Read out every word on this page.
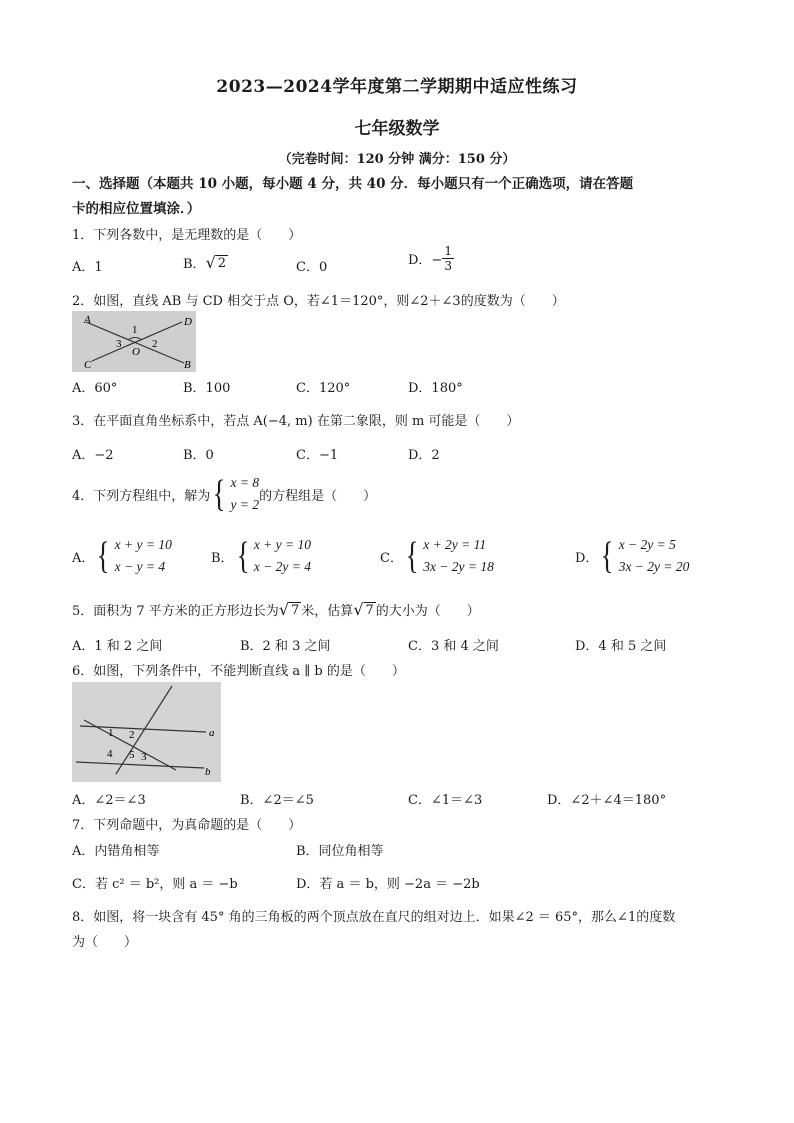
2023—2024学年度第二学期期中适应性练习
七年级数学
（完卷时间：120 分钟 满分：150 分）
一、选择题（本题共 10 小题，每小题 4 分，共 40 分．每小题只有一个正确选项，请在答题
卡的相应位置填涂．）
1．下列各数中，是无理数的是（　　）
A．1	B． √ 2	C．0	D．− $\frac{1}{3}$
2．如图，直线 AB 与 CD 相交于点 O，若∠1＝120°，则∠2＋∠3的度数为（　　）
A	D
C	B
O
1
2
3
A．60°	B．100	C．120°	D．180°
3．在平面直角坐标系中，若点 A(−4, m) 在第二象限，则 m 可能是（　　）
A．−2	B．0	C．−1	D．2
4．下列方程组中，解为 { x = 8
y = 2
的方程组是（　　）
A． { x + y = 10
x − y = 4
B． { x + y = 10
x − 2y = 4
C． { x + 2y = 11
3x − 2y = 18
D． { x − 2y = 5
3x − 2y = 20
5．面积为 7 平方米的正方形边长为 √ 7 米，估算 √ 7 的大小为（　　）
A．1 和 2 之间	B．2 和 3 之间	C．3 和 4 之间	D．4 和 5 之间
6．如图，下列条件中，不能判断直线 a ∥ b 的是（　　）
a
b
1 2
4 5 3
A．∠2＝∠3	B．∠2＝∠5	C．∠1＝∠3	D．∠2＋∠4＝180°
7．下列命题中，为真命题的是（　　）
A．内错角相等	B．同位角相等
C．若 c² ＝ b²，则 a ＝ −b	D．若 a ＝ b，则 −2a ＝ −2b
8．如图，将一块含有 45° 角的三角板的两个顶点放在直尺的组对边上．如果∠2 ＝ 65°，那么∠1的度数
为（　　）
